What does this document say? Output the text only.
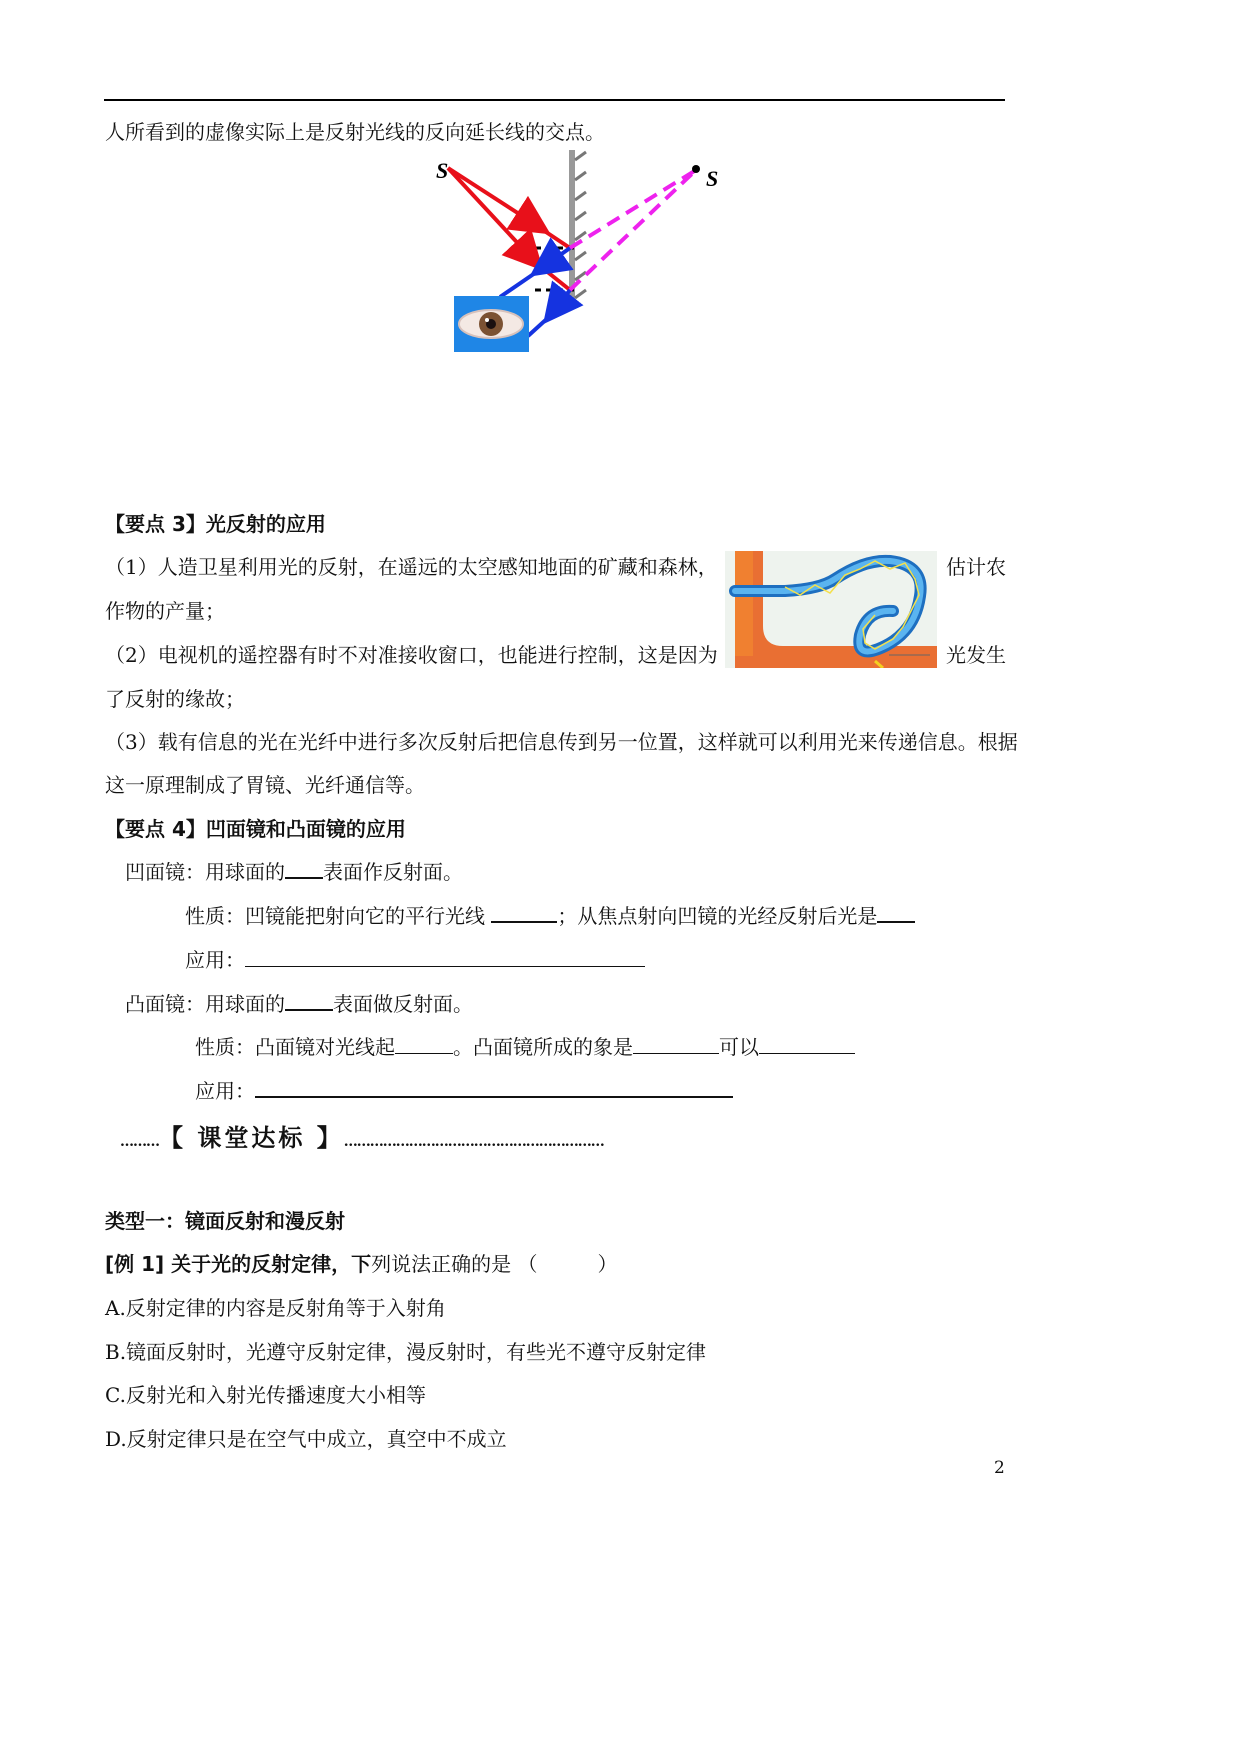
人所看到的虚像实际上是反射光线的反向延长线的交点。
S	S
【要点 3】光反射的应用
（1）人造卫星利用光的反射，在遥远的太空感知地面的矿藏和森林，	估计农
作物的产量；
（2）电视机的遥控器有时不对准接收窗口，也能进行控制，这是因为	光发生
了反射的缘故；
（3）载有信息的光在光纤中进行多次反射后把信息传到另一位置，这样就可以利用光来传递信息。根据
这一原理制成了胃镜、光纤通信等。
【要点 4】凹面镜和凸面镜的应用
凹面镜：用球面的 表面作反射面。
性质：凹镜能把射向它的平行光线	；从焦点射向凹镜的光经反射后光是
应用：
凸面镜：用球面的 表面做反射面。
性质：凸面镜对光线起	。凸面镜所成的象是	可以
应用：
………【 课堂达标 】……………………………………………………
类型一：镜面反射和漫反射
[例 1] 关于光的反射定律，下列说法正确的是 （　　　）
A.反射定律的内容是反射角等于入射角
B.镜面反射时，光遵守反射定律，漫反射时，有些光不遵守反射定律
C.反射光和入射光传播速度大小相等
D.反射定律只是在空气中成立，真空中不成立
2
